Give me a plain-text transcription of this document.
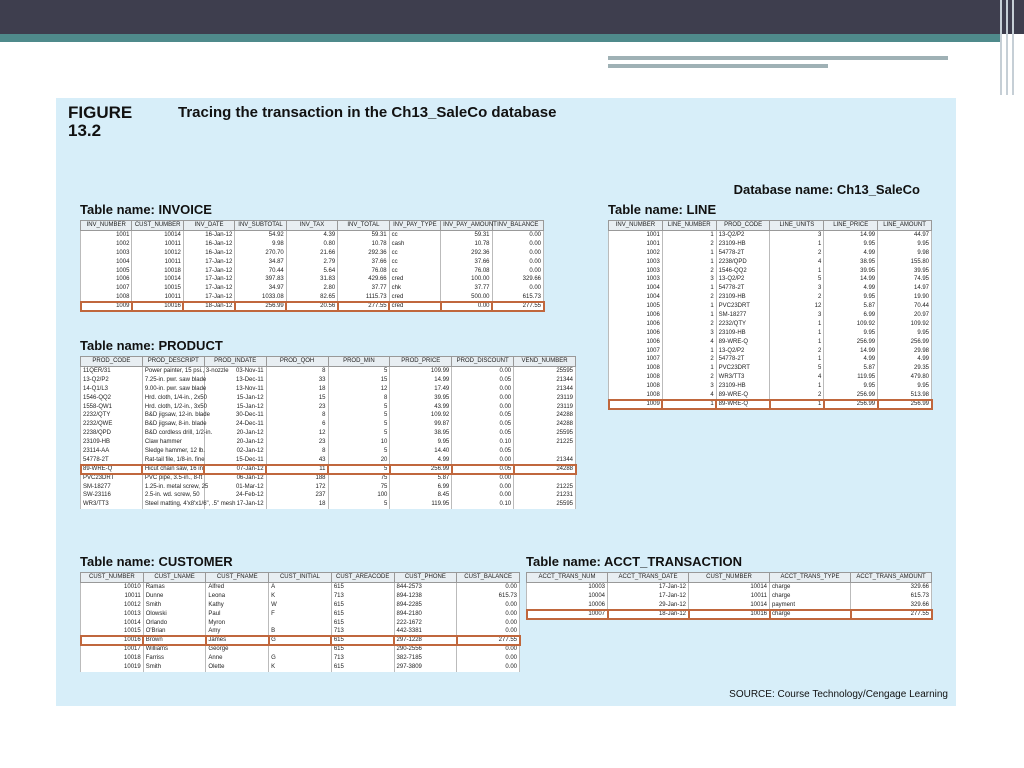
FIGURE
13.2
Tracing the transaction in the Ch13_SaleCo database
Database name: Ch13_SaleCo
Table name: INVOICE
INV_NUMBER	CUST_NUMBER	INV_DATE	INV_SUBTOTAL	INV_TAX	INV_TOTAL	INV_PAY_TYPE	INV_PAY_AMOUNT	INV_BALANCE
1001	10014	16-Jan-12	54.92	4.39	59.31	cc	59.31	0.00
1002	10011	16-Jan-12	9.98	0.80	10.78	cash	10.78	0.00
1003	10012	16-Jan-12	270.70	21.66	292.36	cc	292.36	0.00
1004	10011	17-Jan-12	34.87	2.79	37.66	cc	37.66	0.00
1005	10018	17-Jan-12	70.44	5.64	76.08	cc	76.08	0.00
1006	10014	17-Jan-12	397.83	31.83	429.66	cred	100.00	329.66
1007	10015	17-Jan-12	34.97	2.80	37.77	chk	37.77	0.00
1008	10011	17-Jan-12	1033.08	82.65	1115.73	cred	500.00	615.73
1009	10016	18-Jan-12	256.99	20.56	277.55	cred	0.00	277.55
Table name: LINE
INV_NUMBER	LINE_NUMBER	PROD_CODE	LINE_UNITS	LINE_PRICE	LINE_AMOUNT
1001	1	13-Q2/P2	3	14.99	44.97
1001	2	23109-HB	1	9.95	9.95
1002	1	54778-2T	2	4.99	9.98
1003	1	2238/QPD	4	38.95	155.80
1003	2	1546-QQ2	1	39.95	39.95
1003	3	13-Q2/P2	5	14.99	74.95
1004	1	54778-2T	3	4.99	14.97
1004	2	23109-HB	2	9.95	19.90
1005	1	PVC23DRT	12	5.87	70.44
1006	1	SM-18277	3	6.99	20.97
1006	2	2232/QTY	1	109.92	109.92
1006	3	23109-HB	1	9.95	9.95
1006	4	89-WRE-Q	1	256.99	256.99
1007	1	13-Q2/P2	2	14.99	29.98
1007	2	54778-2T	1	4.99	4.99
1008	1	PVC23DRT	5	5.87	29.35
1008	2	WR3/TT3	4	119.95	479.80
1008	3	23109-HB	1	9.95	9.95
1008	4	89-WRE-Q	2	256.99	513.98
1009	1	89-WRE-Q	1	256.99	256.99
Table name: PRODUCT
PROD_CODE	PROD_DESCRIPT	PROD_INDATE	PROD_QOH	PROD_MIN	PROD_PRICE	PROD_DISCOUNT	VEND_NUMBER
11QER/31	Power painter, 15 psi., 3-nozzle	03-Nov-11	8	5	109.99	0.00	25595
13-Q2/P2	7.25-in. pwr. saw blade	13-Dec-11	33	15	14.99	0.05	21344
14-Q1/L3	9.00-in. pwr. saw blade	13-Nov-11	18	12	17.49	0.00	21344
1546-QQ2	Hrd. cloth, 1/4-in., 2x50	15-Jan-12	15	8	39.95	0.00	23119
1558-QW1	Hrd. cloth, 1/2-in., 3x50	15-Jan-12	23	5	43.99	0.00	23119
2232/QTY	B&D jigsaw, 12-in. blade	30-Dec-11	8	5	109.92	0.05	24288
2232/QWE	B&D jigsaw, 8-in. blade	24-Dec-11	6	5	99.87	0.05	24288
2238/QPD	B&D cordless drill, 1/2-in.	20-Jan-12	12	5	38.95	0.05	25595
23109-HB	Claw hammer	20-Jan-12	23	10	9.95	0.10	21225
23114-AA	Sledge hammer, 12 lb.	02-Jan-12	8	5	14.40	0.05	
54778-2T	Rat-tail file, 1/8-in. fine	15-Dec-11	43	20	4.99	0.00	21344
89-WRE-Q	Hicut chain saw, 16 in.	07-Jan-12	11	5	256.99	0.05	24288
PVC23DRT	PVC pipe, 3.5-in., 8-ft	06-Jan-12	188	75	5.87	0.00	
SM-18277	1.25-in. metal screw, 25	01-Mar-12	172	75	6.99	0.00	21225
SW-23116	2.5-in. wd. screw, 50	24-Feb-12	237	100	8.45	0.00	21231
WR3/TT3	Steel matting, 4'x8'x1/6", .5" mesh	17-Jan-12	18	5	119.95	0.10	25595
Table name: CUSTOMER
CUST_NUMBER	CUST_LNAME	CUST_FNAME	CUST_INITIAL	CUST_AREACODE	CUST_PHONE	CUST_BALANCE
10010	Ramas	Alfred	A	615	844-2573	0.00
10011	Dunne	Leona	K	713	894-1238	615.73
10012	Smith	Kathy	W	615	894-2285	0.00
10013	Olowski	Paul	F	615	894-2180	0.00
10014	Orlando	Myron		615	222-1672	0.00
10015	O'Brian	Amy	B	713	442-3381	0.00
10016	Brown	James	G	615	297-1228	277.55
10017	Williams	George		615	290-2556	0.00
10018	Farriss	Anne	G	713	382-7185	0.00
10019	Smith	Olette	K	615	297-3809	0.00
Table name: ACCT_TRANSACTION
ACCT_TRANS_NUM	ACCT_TRANS_DATE	CUST_NUMBER	ACCT_TRANS_TYPE	ACCT_TRANS_AMOUNT
10003	17-Jan-12	10014	charge	329.66
10004	17-Jan-12	10011	charge	615.73
10006	29-Jan-12	10014	payment	329.66
10007	18-Jan-12	10016	charge	277.55
SOURCE: Course Technology/Cengage Learning
